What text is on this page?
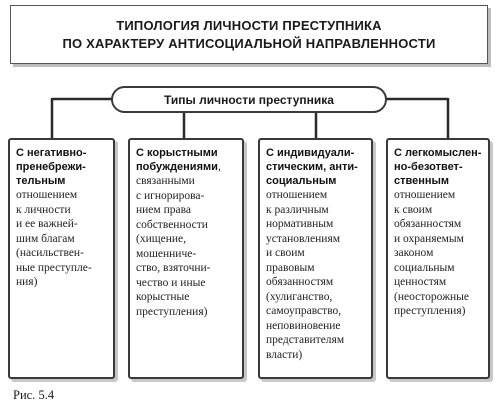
ТИПОЛОГИЯ ЛИЧНОСТИ ПРЕСТУПНИКА
ПО ХАРАКТЕРУ АНТИСОЦИАЛЬНОЙ НАПРАВЛЕННОСТИ
Типы личности преступника
С негативно-
пренебрежи-
тельным
отношением
к личности
и ее важней-
шим благам
(насильствен-
ные преступле-
ния)
С корыстными
побуждениями,
связанными
с игнорирова-
нием права
собственности
(хищение,
мошенниче-
ство, взяточни-
чество и иные
корыстные
преступления)
С индивидуали-
стическим, анти-
социальным
отношением
к различным
нормативным
установлениям
и своим
правовым
обязанностям
(хулиганство,
самоуправство,
неповиновение
представителям
власти)
С легкомыслен-
но-безответ-
ственным
отношением
к своим
обязанностям
и охраняемым
законом
социальным
ценностям
(неосторожные
преступления)
Рис. 5.4
